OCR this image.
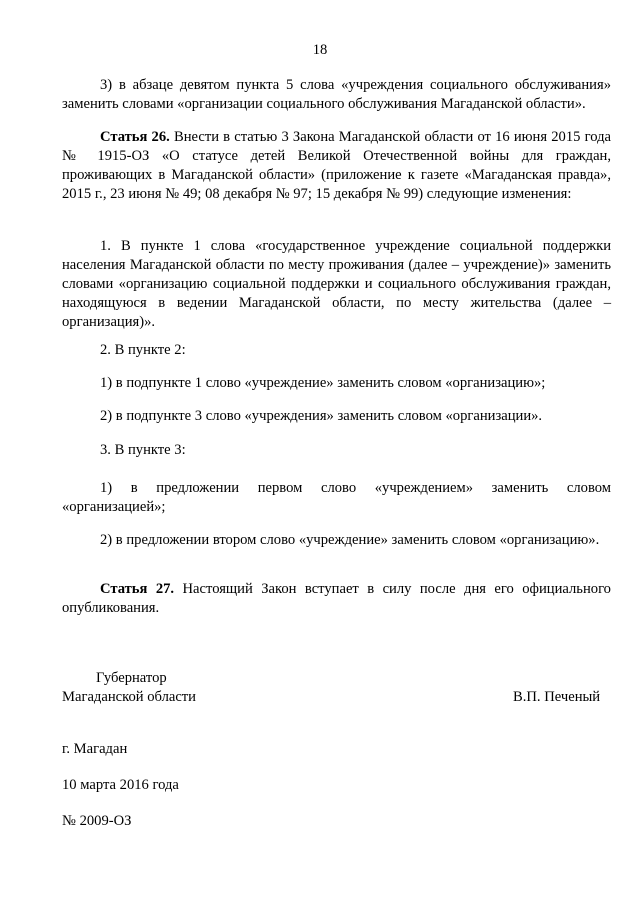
18

3) в абзаце девятом пункта 5 слова «учреждения социального обслуживания» заменить словами «организации социального обслуживания Магаданской области».

Статья 26. Внести в статью 3 Закона Магаданской области от 16 июня 2015 года № 1915-ОЗ «О статусе детей Великой Отечественной войны для граждан, проживающих в Магаданской области» (приложение к газете «Магаданская правда», 2015 г., 23 июня № 49; 08 декабря № 97; 15 декабря № 99) следующие изменения:

1. В пункте 1 слова «государственное учреждение социальной поддержки населения Магаданской области по месту проживания (далее – учреждение)» заменить словами «организацию социальной поддержки и социального обслуживания граждан, находящуюся в ведении Магаданской области, по месту жительства (далее – организация)».

2. В пункте 2:

1) в подпункте 1 слово «учреждение» заменить словом «организацию»;

2) в подпункте 3 слово «учреждения» заменить словом «организации».

3. В пункте 3:

1) в предложении первом слово «учреждением» заменить словом «организацией»;

2) в предложении втором слово «учреждение» заменить словом «организацию».

Статья 27. Настоящий Закон вступает в силу после дня его официального опубликования.

Губернатор
Магаданской области	В.П. Печеный
г. Магадан
10 марта 2016 года
№ 2009-ОЗ
